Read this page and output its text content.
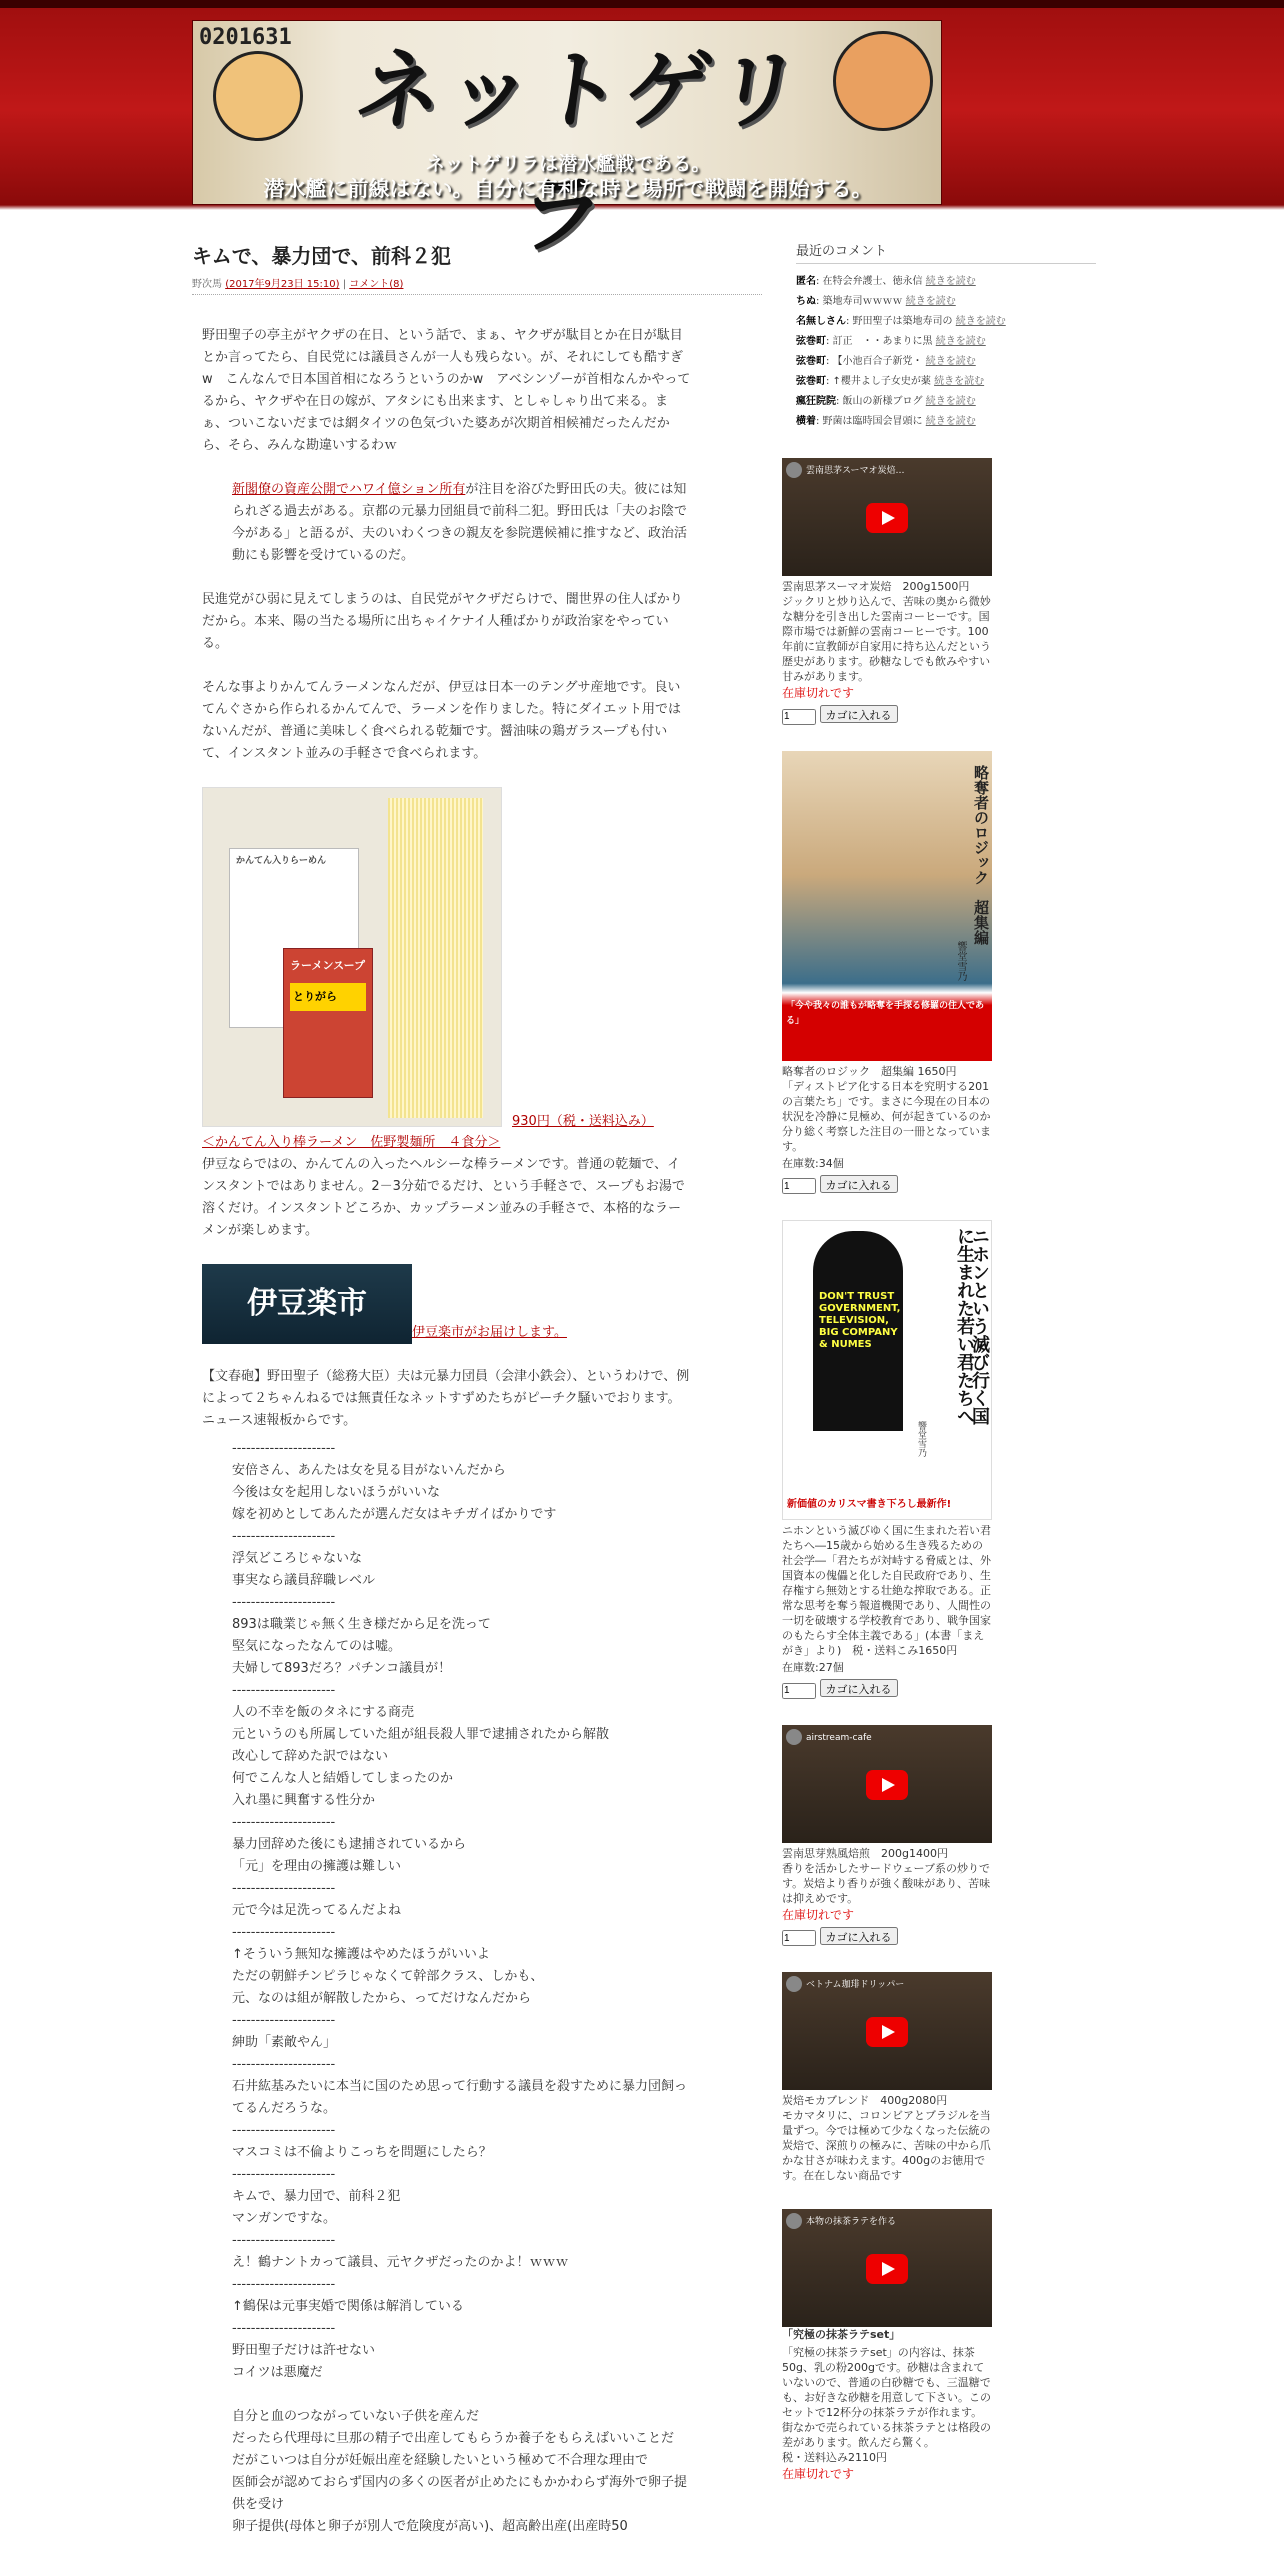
0201631
ネットゲリラ
ネットゲリラは潜水艦戦である。
潜水艦に前線はない。自分に有利な時と場所で戦闘を開始する。
キムで、暴力団で、前科２犯
野次馬 (2017年9月23日 15:10) | コメント(8)

野田聖子の亭主がヤクザの在日、という話で、まぁ、ヤクザが駄目とか在日が駄目とか言ってたら、自民党には議員さんが一人も残らない。が、それにしても酷すぎw　こんなんで日本国首相になろうというのかw　アベシンゾーが首相なんかやってるから、ヤクザや在日の嫁が、アタシにも出来ます、としゃしゃり出て来る。まぁ、ついこないだまでは網タイツの色気づいた婆あが次期首相候補だったんだから、そら、みんな勘違いするわｗ

新閣僚の資産公開でハワイ億ション所有が注目を浴びた野田氏の夫。彼には知られざる過去がある。京都の元暴力団組員で前科二犯。野田氏は「夫のお陰で今がある」と語るが、夫のいわくつきの親友を参院選候補に推すなど、政治活動にも影響を受けているのだ。

民進党がひ弱に見えてしまうのは、自民党がヤクザだらけで、闇世界の住人ばかりだから。本来、陽の当たる場所に出ちゃイケナイ人種ばかりが政治家をやっている。

そんな事よりかんてんラーメンなんだが、伊豆は日本一のテングサ産地です。良いてんぐさから作られるかんてんで、ラーメンを作りました。特にダイエット用ではないんだが、普通に美味しく食べられる乾麺です。醤油味の鶏ガラスープも付いて、インスタント並みの手軽さで食べられます。

かんてん入りらーめん
ラーメンスープ
とりがら
930円（税・送料込み）
＜かんてん入り棒ラーメン　佐野製麺所　４食分＞

伊豆ならではの、かんてんの入ったヘルシーな棒ラーメンです。普通の乾麺で、インスタントではありません。2－3分茹でるだけ、という手軽さで、スープもお湯で溶くだけ。インスタントどころか、カップラーメン並みの手軽さで、本格的なラーメンが楽しめます。

伊豆楽市伊豆楽市がお届けします。

【文春砲】野田聖子（総務大臣）夫は元暴力団員（会津小鉄会）、というわけで、例によって２ちゃんねるでは無責任なネットすずめたちがピーチク騒いでおります。ニュース速報板からです。

----------------------
安倍さん、あんたは女を見る目がないんだから
今後は女を起用しないほうがいいな
嫁を初めとしてあんたが選んだ女はキチガイばかりです
----------------------
浮気どころじゃないな
事実なら議員辞職レベル
----------------------
893は職業じゃ無く生き様だから足を洗って
堅気になったなんてのは嘘。
夫婦して893だろ？パチンコ議員が！
----------------------
人の不幸を飯のタネにする商売
元というのも所属していた組が組長殺人罪で逮捕されたから解散
改心して辞めた訳ではない
何でこんな人と結婚してしまったのか
入れ墨に興奮する性分か
----------------------
暴力団辞めた後にも逮捕されているから
「元」を理由の擁護は難しい
----------------------
元で今は足洗ってるんだよね
----------------------
↑そういう無知な擁護はやめたほうがいいよ
ただの朝鮮チンピラじゃなくて幹部クラス、しかも、
元、なのは組が解散したから、ってだけなんだから
----------------------
紳助「素敵やん」
----------------------
石井紘基みたいに本当に国のため思って行動する議員を殺すために暴力団飼ってるんだろうな。
----------------------
マスコミは不倫よりこっちを問題にしたら？
----------------------
キムで、暴力団で、前科２犯
マンガンですな。
----------------------
え！鶴ナントカって議員、元ヤクザだったのかよ！ｗｗｗ
----------------------
↑鶴保は元事実婚で関係は解消している
----------------------
野田聖子だけは許せない
コイツは悪魔だ
自分と血のつながっていない子供を産んだ
だったら代理母に旦那の精子で出産してもらうか養子をもらえばいいことだ
だがこいつは自分が妊娠出産を経験したいという極めて不合理な理由で
医師会が認めておらず国内の多くの医者が止めたにもかかわらず海外で卵子提供を受け
卵子提供(母体と卵子が別人で危険度が高い)、超高齢出産(出産時50
最近のコメント
匿名: 在特会弁護士、徳永信 続きを読む
ちぬ: 築地寿司ｗｗｗｗ 続きを読む
名無しさん: 野田聖子は築地寿司の 続きを読む
弦巻町: 訂正　・・あまりに黒 続きを読む
弦巻町: 【小池百合子新党・ 続きを読む
弦巻町: ↑櫻井よし子女史が薬 続きを読む
瘋狂院院: 飯山の新様ブログ 続きを読む
横着: 野菌は臨時国会冒頭に 続きを読む
雲南思茅スーマオ炭焙…
雲南思茅スーマオ炭焙　200g1500円
ジックリと炒り込んで、苦味の奥から微妙な糖分を引き出した雲南コーヒーです。国際市場では新鮮の雲南コーヒーです。100年前に宣教師が自家用に持ち込んだという歴史があります。砂糖なしでも飲みやすい甘みがあります。
在庫切れです
1 カゴに入れる
略奪者のロジック　超集編
響堂雪乃
「今や我々の誰もが略奪を手探る修羅の住人である」
略奪者のロジック　超集編 1650円
「ディストピア化する日本を究明する201の言葉たち」です。まさに今現在の日本の状況を冷静に見極め、何が起きているのか分り総く考察した注目の一冊となっています。
在庫数:34個
1 カゴに入れる
ニホンという滅び行く国に生まれた若い君たちへ
DON'T TRUST GOVERNMENT, TELEVISION, BIG COMPANY & NUMES
響堂雪乃
新価値のカリスマ書き下ろし最新作!
ニホンという滅びゆく国に生まれた若い君たちへ―15歳から始める生き残るための社会学―「君たちが対峙する脅威とは、外国資本の傀儡と化した自民政府であり、生存権すら無効とする壮絶な搾取である。正常な思考を奪う報道機関であり、人間性の一切を破壊する学校教育であり、戦争国家のもたらす全体主義である」(本書「まえがき」より)　税・送料こみ1650円
在庫数:27個
1 カゴに入れる
airstream-cafe
雲南思芽熟風焙煎　200g1400円
香りを活かしたサードウェーブ系の炒りです。炭焙より香りが強く酸味があり、苦味は抑えめです。
在庫切れです
1 カゴに入れる
ベトナム珈琲ドリッパー
炭焙モカブレンド　400g2080円
モカマタリに、コロンビアとブラジルを当量ずつ。今では極めて少なくなった伝統の炭焙で、深煎りの極みに、苦味の中から爪かな甘さが味わえます。400gのお徳用です。在在しない商品です
本物の抹茶ラテを作る
「究極の抹茶ラテset」
「究極の抹茶ラテset」の内容は、抹茶50g、乳の粉200gです。砂糖は含まれていないので、普通の白砂糖でも、三温糖でも、お好きな砂糖を用意して下さい。このセットで12杯分の抹茶ラテが作れます。街なかで売られている抹茶ラテとは格段の差があります。飲んだら驚く。
税・送料込み2110円
在庫切れです
